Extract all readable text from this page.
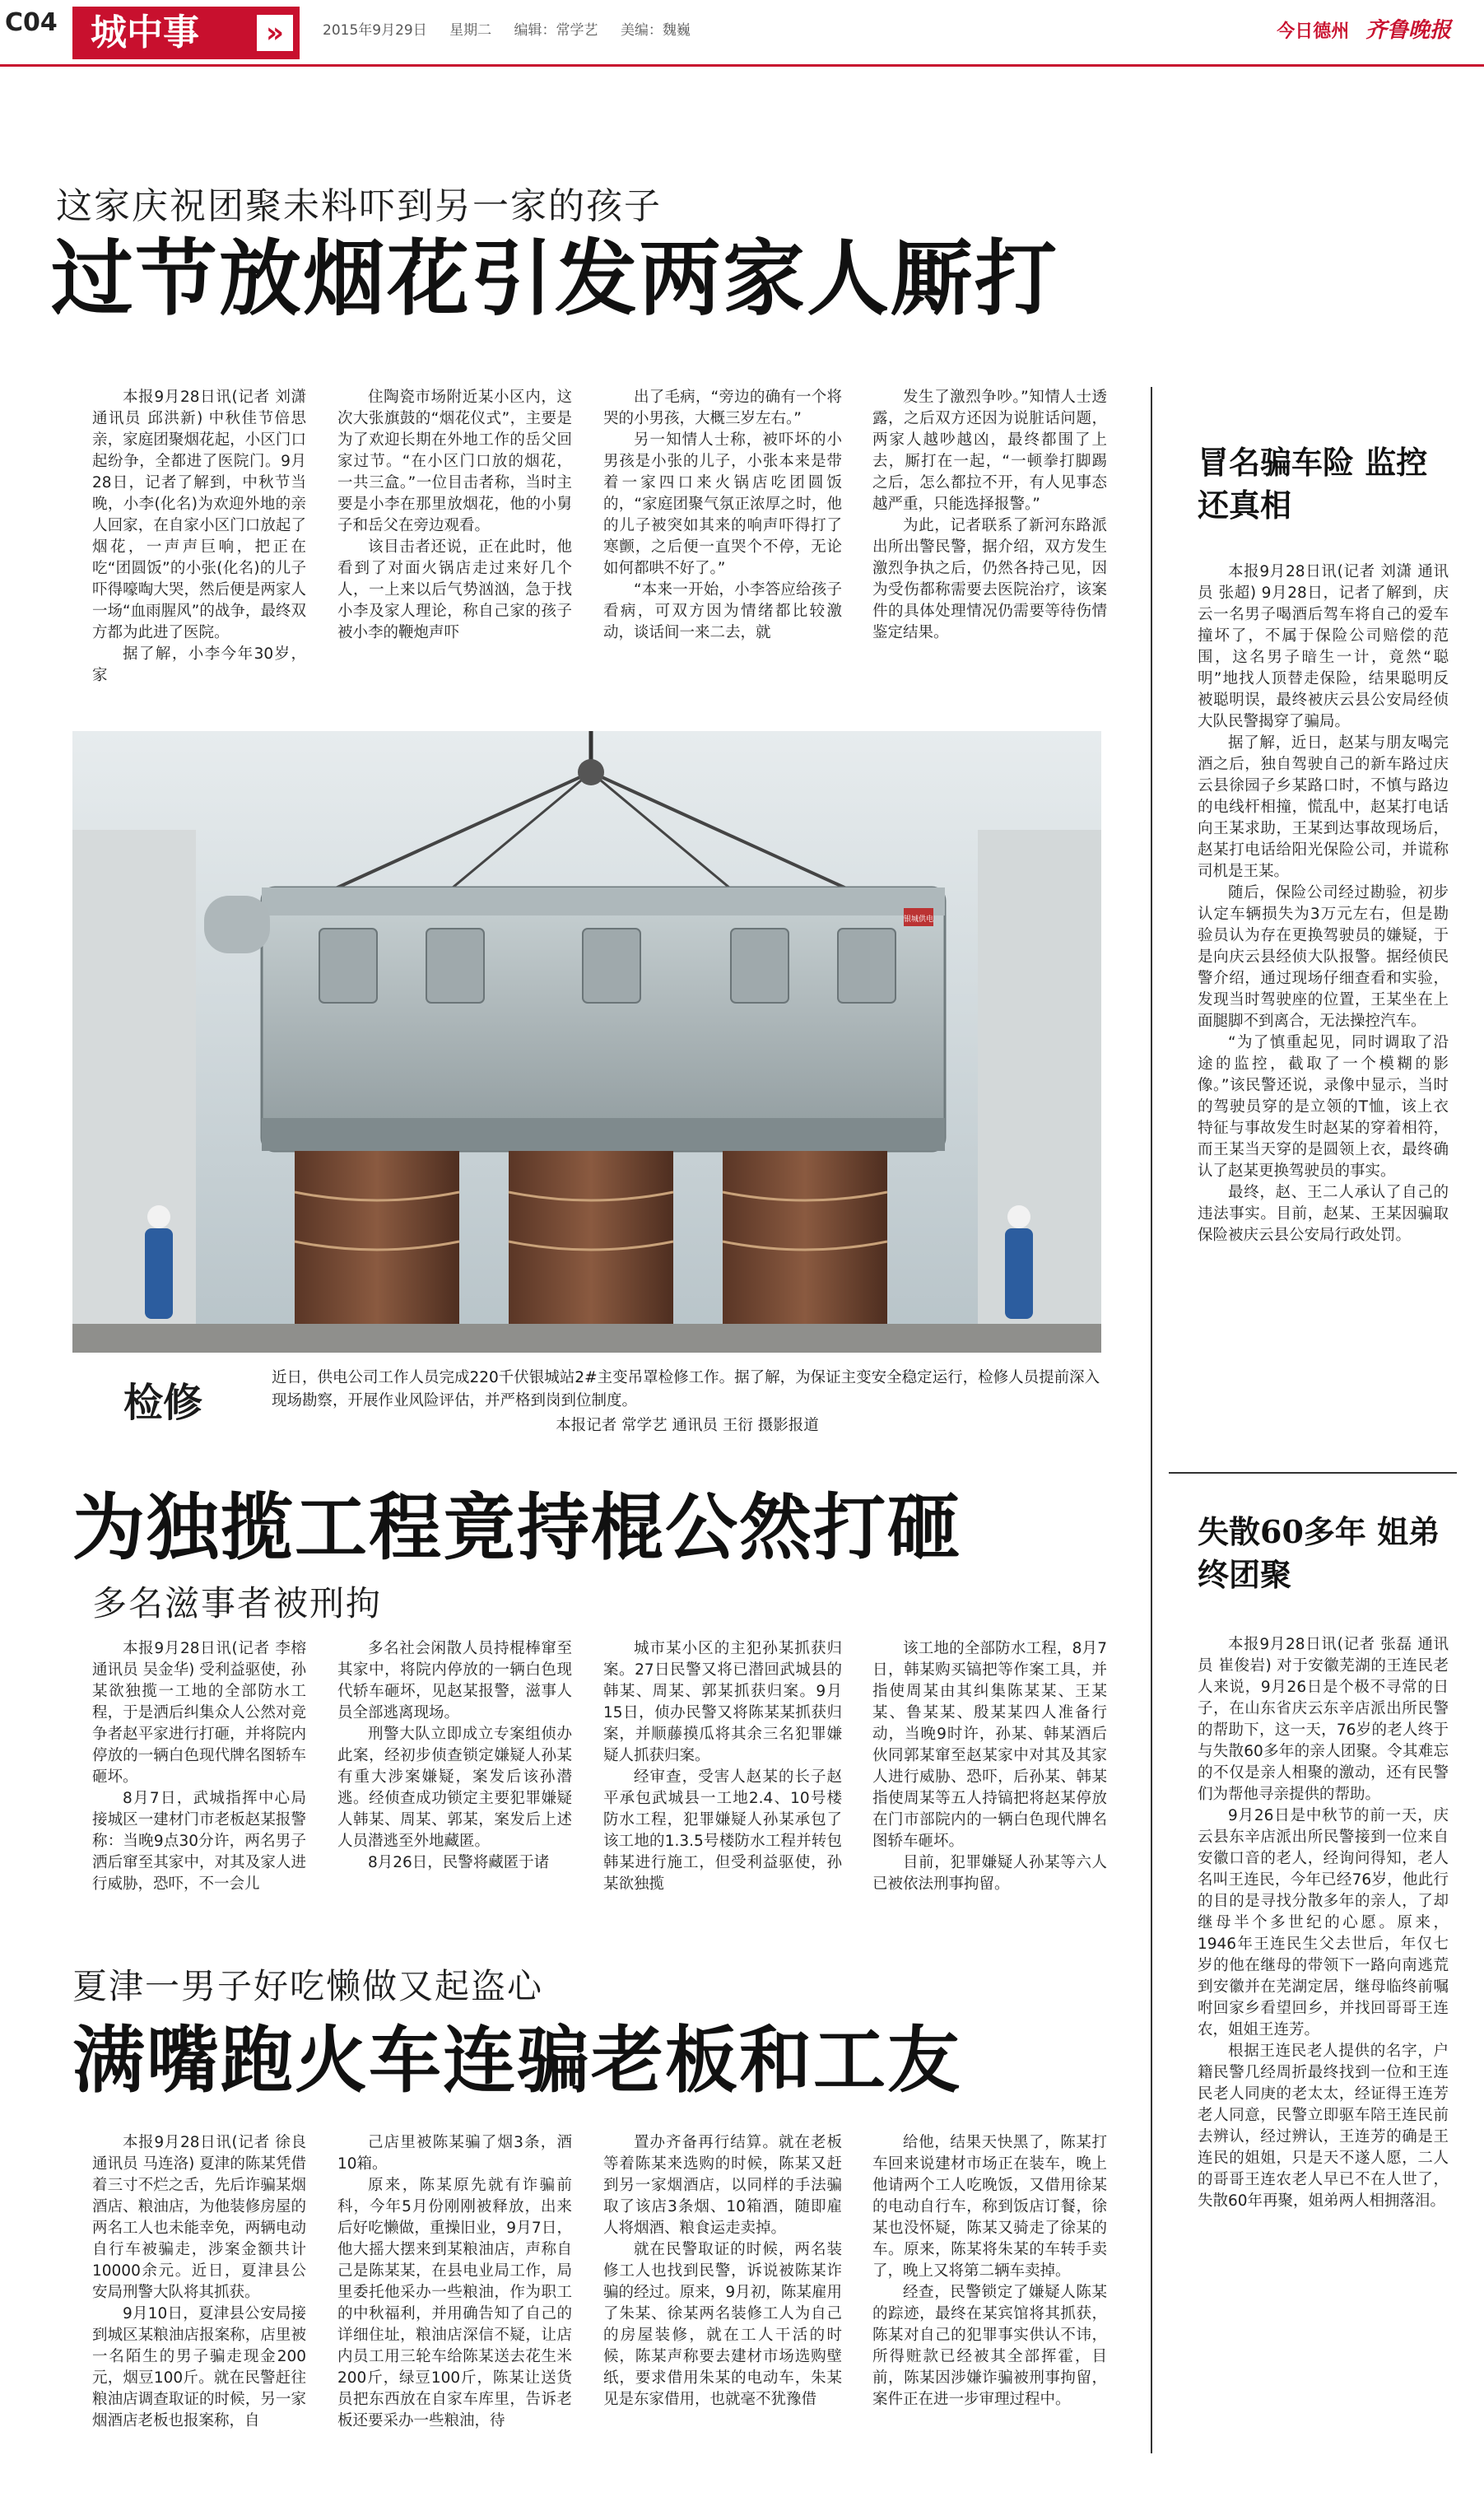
C04 城中事	»	2015年9月29日 星期二 编辑：常学艺 美编：魏巍	今日德州 齐鲁晚报
这家庆祝团聚未料吓到另一家的孩子
过节放烟花引发两家人厮打

本报9月28日讯(记者 刘潇 通讯员 邱洪新) 中秋佳节倍思亲，家庭团聚烟花起，小区门口起纷争，全都进了医院门。9月28日，记者了解到，中秋节当晚，小李(化名)为欢迎外地的亲人回家，在自家小区门口放起了烟花，一声声巨响，把正在吃“团圆饭”的小张(化名)的儿子吓得嚎啕大哭，然后便是两家人一场“血雨腥风”的战争，最终双方都为此进了医院。

据了解，小李今年30岁，家

住陶瓷市场附近某小区内，这次大张旗鼓的“烟花仪式”，主要是为了欢迎长期在外地工作的岳父回家过节。“在小区门口放的烟花，一共三盒。”一位目击者称，当时主要是小李在那里放烟花，他的小舅子和岳父在旁边观看。

该目击者还说，正在此时，他看到了对面火锅店走过来好几个人，一上来以后气势汹汹，急于找小李及家人理论，称自己家的孩子被小李的鞭炮声吓

出了毛病，“旁边的确有一个将哭的小男孩，大概三岁左右。”

另一知情人士称，被吓坏的小男孩是小张的儿子，小张本来是带着一家四口来火锅店吃团圆饭的，“家庭团聚气氛正浓厚之时，他的儿子被突如其来的响声吓得打了寒颤，之后便一直哭个不停，无论如何都哄不好了。”

“本来一开始，小李答应给孩子看病，可双方因为情绪都比较激动，谈话间一来二去，就

发生了激烈争吵。”知情人士透露，之后双方还因为说脏话问题，两家人越吵越凶，最终都围了上去，厮打在一起，“一顿拳打脚踢之后，怎么都拉不开，有人见事态越严重，只能选择报警。”

为此，记者联系了新河东路派出所出警民警，据介绍，双方发生激烈争执之后，仍然各持己见，因为受伤都称需要去医院治疗，该案件的具体处理情况仍需要等待伤情鉴定结果。

冒名骗车险 监控还真相

本报9月28日讯(记者 刘潇 通讯员 张超) 9月28日，记者了解到，庆云一名男子喝酒后驾车将自己的爱车撞坏了，不属于保险公司赔偿的范围，这名男子暗生一计，竟然“聪明”地找人顶替走保险，结果聪明反被聪明误，最终被庆云县公安局经侦大队民警揭穿了骗局。

据了解，近日，赵某与朋友喝完酒之后，独自驾驶自己的新车路过庆云县徐园子乡某路口时，不慎与路边的电线杆相撞，慌乱中，赵某打电话向王某求助，王某到达事故现场后，赵某打电话给阳光保险公司，并谎称司机是王某。

随后，保险公司经过勘验，初步认定车辆损失为3万元左右，但是勘验员认为存在更换驾驶员的嫌疑，于是向庆云县经侦大队报警。据经侦民警介绍，通过现场仔细查看和实验，发现当时驾驶座的位置，王某坐在上面腿脚不到离合，无法操控汽车。

“为了慎重起见，同时调取了沿途的监控，截取了一个模糊的影像。”该民警还说，录像中显示，当时的驾驶员穿的是立领的T恤，该上衣特征与事故发生时赵某的穿着相符，而王某当天穿的是圆领上衣，最终确认了赵某更换驾驶员的事实。

最终，赵、王二人承认了自己的违法事实。目前，赵某、王某因骗取保险被庆云县公安局行政处罚。

银城供电
检修
近日，供电公司工作人员完成220千伏银城站2#主变吊罩检修工作。据了解，为保证主变安全稳定运行，检修人员提前深入现场勘察，开展作业风险评估，并严格到岗到位制度。
本报记者 常学艺 通讯员 王衍 摄影报道
为独揽工程竟持棍公然打砸
多名滋事者被刑拘

本报9月28日讯(记者 李榕 通讯员 吴金华) 受利益驱使，孙某欲独揽一工地的全部防水工程，于是洒后纠集众人公然对竞争者赵平家进行打砸，并将院内停放的一辆白色现代牌名图轿车砸坏。

8月7日，武城指挥中心局接城区一建材门市老板赵某报警称：当晚9点30分许，两名男子洒后窜至其家中，对其及家人进行威胁，恐吓，不一会儿

多名社会闲散人员持棍棒窜至其家中，将院内停放的一辆白色现代轿车砸坏，见赵某报警，滋事人员全部逃离现场。

刑警大队立即成立专案组侦办此案，经初步侦查锁定嫌疑人孙某有重大涉案嫌疑，案发后该孙潜逃。经侦查成功锁定主要犯罪嫌疑人韩某、周某、郭某，案发后上述人员潜逃至外地藏匿。

8月26日，民警将藏匿于诸

城市某小区的主犯孙某抓获归案。27日民警又将已潜回武城县的韩某、周某、郭某抓获归案。9月15日，侦办民警又将陈某某抓获归案，并顺藤摸瓜将其余三名犯罪嫌疑人抓获归案。

经审查，受害人赵某的长子赵平承包武城县一工地2.4、10号楼防水工程，犯罪嫌疑人孙某承包了该工地的1.3.5号楼防水工程并转包韩某进行施工，但受利益驱使，孙某欲独揽

该工地的全部防水工程，8月7日，韩某购买镐把等作案工具，并指使周某由其纠集陈某某、王某某、鲁某某、殷某某四人准备行动，当晚9时许，孙某、韩某酒后伙同郭某窜至赵某家中对其及其家人进行威胁、恐吓，后孙某、韩某指使周某等五人持镐把将赵某停放在门市部院内的一辆白色现代牌名图轿车砸坏。

目前，犯罪嫌疑人孙某等六人已被依法刑事拘留。

失散60多年 姐弟终团聚

本报9月28日讯(记者 张磊 通讯员 崔俊岩) 对于安徽芜湖的王连民老人来说，9月26日是个极不寻常的日子，在山东省庆云东辛店派出所民警的帮助下，这一天，76岁的老人终于与失散60多年的亲人团聚。令其难忘的不仅是亲人相聚的激动，还有民警们为帮他寻亲提供的帮助。

9月26日是中秋节的前一天，庆云县东辛店派出所民警接到一位来自安徽口音的老人，经询问得知，老人名叫王连民，今年已经76岁，他此行的目的是寻找分散多年的亲人，了却继母半个多世纪的心愿。原来，1946年王连民生父去世后，年仅七岁的他在继母的带领下一路向南逃荒到安徽并在芜湖定居，继母临终前嘱咐回家乡看望回乡，并找回哥哥王连农，姐姐王连芳。

根据王连民老人提供的名字，户籍民警几经周折最终找到一位和王连民老人同庚的老太太，经证得王连芳老人同意，民警立即驱车陪王连民前去辨认，经过辨认，王连芳的确是王连民的姐姐，只是天不遂人愿，二人的哥哥王连农老人早已不在人世了，失散60年再聚，姐弟两人相拥落泪。

夏津一男子好吃懒做又起盗心
满嘴跑火车连骗老板和工友

本报9月28日讯(记者 徐良 通讯员 马连洛) 夏津的陈某凭借着三寸不烂之舌，先后诈骗某烟酒店、粮油店，为他装修房屋的两名工人也未能幸免，两辆电动自行车被骗走，涉案金额共计10000余元。近日，夏津县公安局刑警大队将其抓获。

9月10日，夏津县公安局接到城区某粮油店报案称，店里被一名陌生的男子骗走现金200元，烟豆100斤。就在民警赶往粮油店调查取证的时候，另一家烟酒店老板也报案称，自

己店里被陈某骗了烟3条，酒10箱。

原来，陈某原先就有诈骗前科，今年5月份刚刚被释放，出来后好吃懒做，重操旧业，9月7日，他大摇大摆来到某粮油店，声称自己是陈某某，在县电业局工作，局里委托他采办一些粮油，作为职工的中秋福利，并用确告知了自己的详细住址，粮油店深信不疑，让店内员工用三轮车给陈某送去花生米200斤，绿豆100斤，陈某让送货员把东西放在自家车库里，告诉老板还要采办一些粮油，待

置办齐备再行结算。就在老板等着陈某来选购的时候，陈某又赶到另一家烟酒店，以同样的手法骗取了该店3条烟、10箱酒，随即雇人将烟酒、粮食运走卖掉。

就在民警取证的时候，两名装修工人也找到民警，诉说被陈某诈骗的经过。原来，9月初，陈某雇用了朱某、徐某两名装修工人为自己的房屋装修，就在工人干活的时候，陈某声称要去建材市场选购壁纸，要求借用朱某的电动车，朱某见是东家借用，也就毫不犹豫借

给他，结果天快黑了，陈某打车回来说建材市场正在装车，晚上他请两个工人吃晚饭，又借用徐某的电动自行车，称到饭店订餐，徐某也没怀疑，陈某又骑走了徐某的车。原来，陈某将朱某的车转手卖了，晚上又将第二辆车卖掉。

经查，民警锁定了嫌疑人陈某的踪迹，最终在某宾馆将其抓获，陈某对自己的犯罪事实供认不讳，所得赃款已经被其全部挥霍，目前，陈某因涉嫌诈骗被刑事拘留，案件正在进一步审理过程中。
